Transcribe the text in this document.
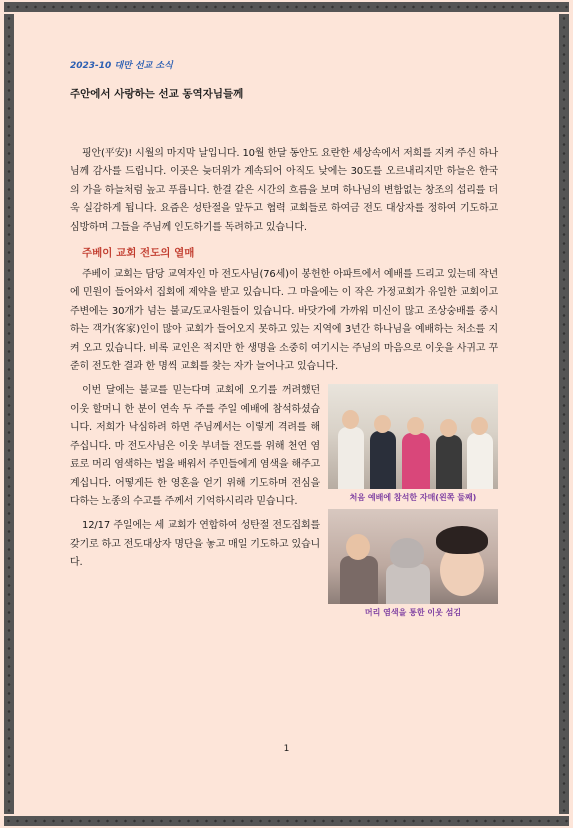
2023-10 대만 선교 소식
주안에서 사랑하는 선교 동역자님들께

핑안(平安)! 시월의 마지막 날입니다. 10월 한달 동안도 요란한 세상속에서 저희를 지켜 주신 하나님께 감사를 드립니다. 이곳은 늦더위가 계속되어 아직도 낮에는 30도를 오르내리지만 하늘은 한국의 가을 하늘처럼 높고 푸릅니다. 한결 같은 시간의 흐름을 보며 하나님의 변함없는 창조의 섭리를 더욱 실감하게 됩니다. 요즘은 성탄절을 앞두고 협력 교회들로 하여금 전도 대상자를 정하여 기도하고 심방하며 그들을 주님께 인도하기를 독려하고 있습니다.

주베이 교회 전도의 열매

주베이 교회는 담당 교역자인 마 전도사님(76세)이 봉헌한 아파트에서 예배를 드리고 있는데 작년에 민원이 들어와서 집회에 제약을 받고 있습니다. 그 마을에는 이 작은 가정교회가 유일한 교회이고 주변에는 30개가 넘는 불교/도교사원들이 있습니다. 바닷가에 가까워 미신이 많고 조상숭배를 중시하는 객가(客家)인이 많아 교회가 들어오지 못하고 있는 지역에 3년간 하나님을 예배하는 처소를 지켜 오고 있습니다. 비록 교인은 적지만 한 생명을 소중히 여기시는 주님의 마음으로 이웃을 사귀고 꾸준히 전도한 결과 한 명씩 교회를 찾는 자가 늘어나고 있습니다.

이번 달에는 불교를 믿는다며 교회에 오기를 꺼려했던 이웃 할머니 한 분이 연속 두 주를 주일 예배에 참석하셨습니다. 저희가 낙심하려 하면 주님께서는 이렇게 격려를 해 주십니다. 마 전도사님은 이웃 부녀들 전도를 위해 천연 염료로 머리 염색하는 법을 배워서 주민들에게 염색을 해주고 계십니다. 어떻게든 한 영혼을 얻기 위해 기도하며 전심을 다하는 노종의 수고를 주께서 기억하시리라 믿습니다.

12/17 주일에는 세 교회가 연합하여 성탄절 전도집회를 갖기로 하고 전도대상자 명단을 놓고 매일 기도하고 있습니다.

처음 예배에 참석한 자매(왼쪽 둘째)
머리 염색을 통한 이웃 섬김
1
